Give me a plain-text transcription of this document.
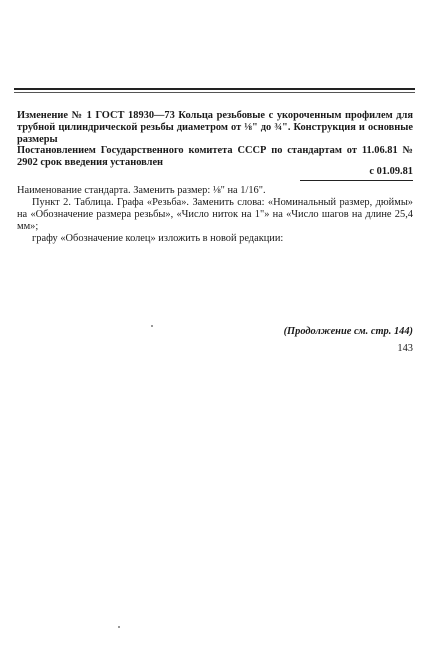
Изменение № 1 ГОСТ 18930—73 Кольца резьбовые с укороченным профилем для трубной цилиндрической резьбы диаметром от ⅛" до ¾". Конструкция и основные размеры
Постановлением Государственного комитета СССР по стандартам от 11.06.81 № 2902 срок введения установлен
с 01.09.81
Наименование стандарта. Заменить размер: ⅛" на 1/16".
Пункт 2. Таблица. Графа «Резьба». Заменить слова: «Номинальный размер, дюймы» на «Обозначение размера резьбы», «Число ниток на 1"» на «Число шагов на длине 25,4 мм»;
графу «Обозначение колец» изложить в новой редакции:
(Продолжение см. стр. 144)
143
